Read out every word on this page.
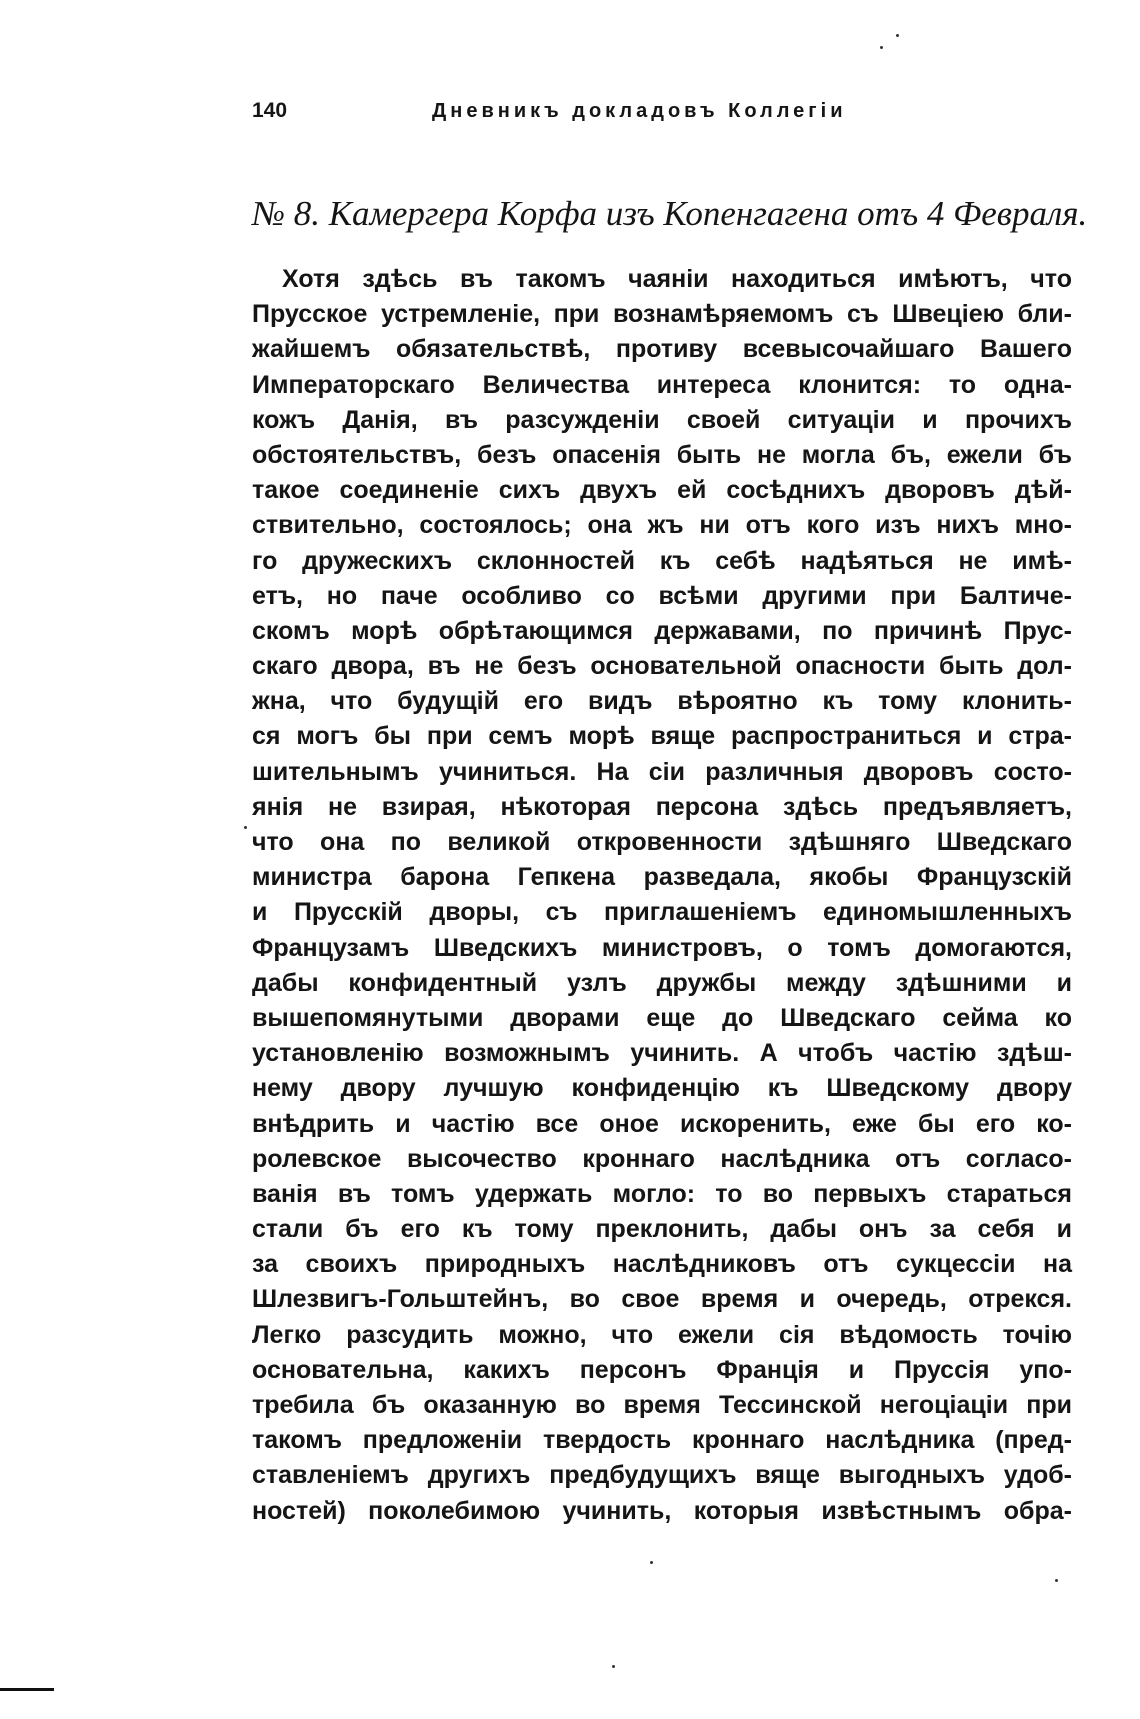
140	Дневникъ докладовъ Коллегіи
№ 8. Камергера Корфа изъ Копенгагена отъ 4 Февраля.
Хотя здѣсь въ такомъ чаяніи находиться имѣютъ, что
Прусское устремленіе, при вознамѣряемомъ съ Швеціею бли-
жайшемъ обязательствѣ, противу всевысочайшаго Вашего
Императорскаго Величества интереса клонится: то одна-
кожъ Данія, въ разсужденіи своей ситуаціи и прочихъ
обстоятельствъ, безъ опасенія быть не могла бъ, ежели бъ
такое соединеніе сихъ двухъ ей сосѣднихъ дворовъ дѣй-
ствительно, состоялось; она жъ ни отъ кого изъ нихъ мно-
го дружескихъ склонностей къ себѣ надѣяться не имѣ-
етъ, но паче особливо со всѣми другими при Балтиче-
скомъ морѣ обрѣтающимся державами, по причинѣ Прус-
скаго двора, въ не безъ основательной опасности быть дол-
жна, что будущій его видъ вѣроятно къ тому клонить-
ся могъ бы при семъ морѣ вяще распространиться и стра-
шительнымъ учиниться. На сіи различныя дворовъ состо-
янія не взирая, нѣкоторая персона здѣсь предъявляетъ,
что она по великой откровенности здѣшняго Шведскаго
министра барона Гепкена разведала, якобы Французскій
и Прусскій дворы, съ приглашеніемъ единомышленныхъ
Французамъ Шведскихъ министровъ, о томъ домогаются,
дабы конфидентный узлъ дружбы между здѣшними и
вышепомянутыми дворами еще до Шведскаго сейма ко
установленію возможнымъ учинить. А чтобъ частію здѣш-
нему двору лучшую конфиденцію къ Шведскому двору
внѣдрить и частію все оное искоренить, еже бы его ко-
ролевское высочество кроннаго наслѣдника отъ согласо-
ванія въ томъ удержать могло: то во первыхъ стараться
стали бъ его къ тому преклонить, дабы онъ за себя и
за своихъ природныхъ наслѣдниковъ отъ сукцессіи на
Шлезвигъ-Гольштейнъ, во свое время и очередь, отрекся.
Легко разсудить можно, что ежели сія вѣдомость точію
основательна, какихъ персонъ Франція и Пруссія упо-
требила бъ оказанную во время Тессинской негоціаціи при
такомъ предложеніи твердость кроннаго наслѣдника (пред-
ставленіемъ другихъ предбудущихъ вяще выгодныхъ удоб-
ностей) поколебимою учинить, которыя извѣстнымъ обра-
